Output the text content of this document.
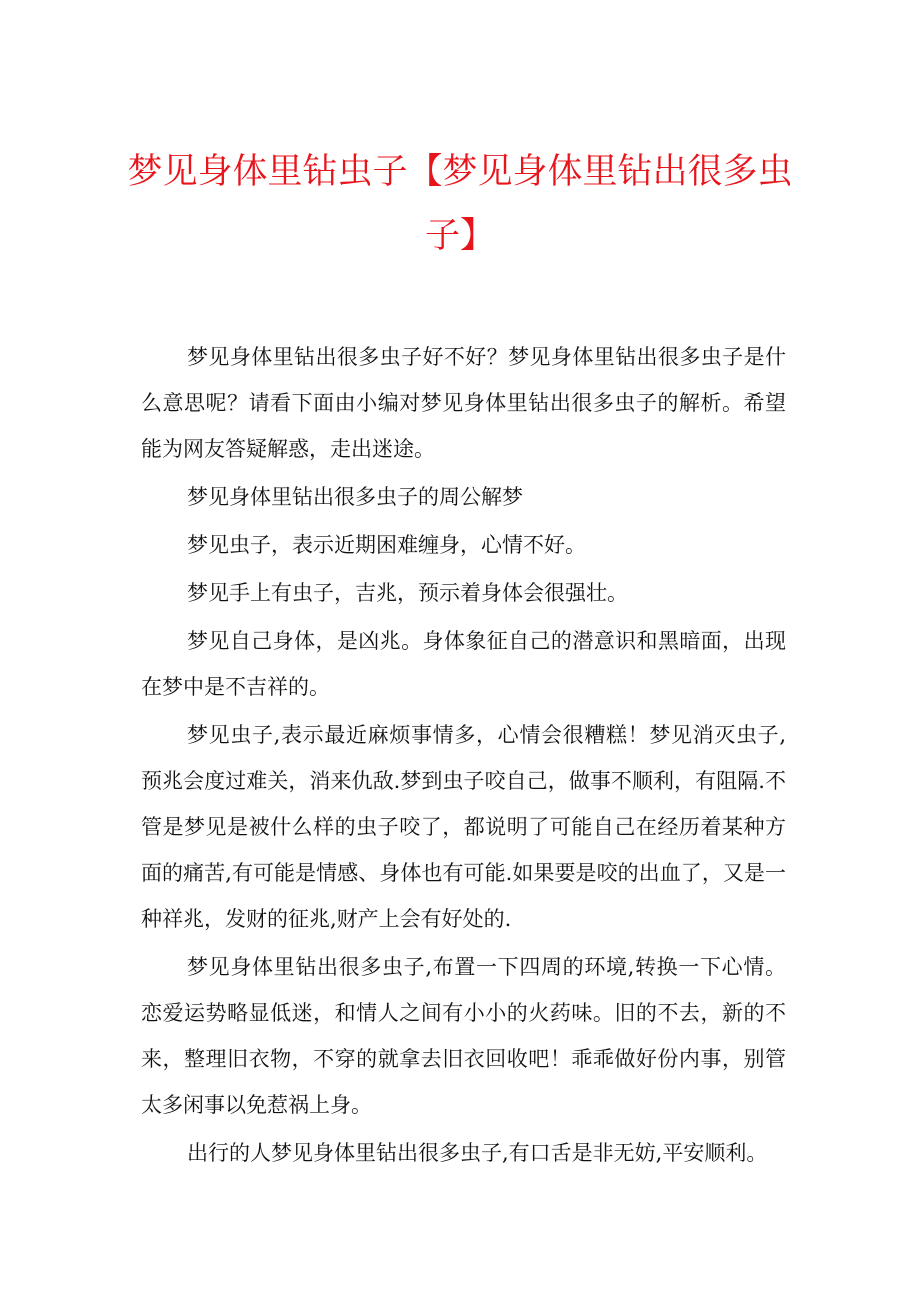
梦见身体里钻虫子【梦见身体里钻出很多虫子】

梦见身体里钻出很多虫子好不好？梦见身体里钻出很多虫子是什么意思呢？请看下面由小编对梦见身体里钻出很多虫子的解析。希望能为网友答疑解惑，走出迷途。

梦见身体里钻出很多虫子的周公解梦

梦见虫子，表示近期困难缠身，心情不好。

梦见手上有虫子，吉兆，预示着身体会很强壮。

梦见自己身体，是凶兆。身体象征自己的潜意识和黑暗面，出现在梦中是不吉祥的。

梦见虫子,表示最近麻烦事情多，心情会很糟糕！梦见消灭虫子,预兆会度过难关，消来仇敌.梦到虫子咬自己，做事不顺利，有阻隔.不管是梦见是被什么样的虫子咬了，都说明了可能自己在经历着某种方面的痛苦,有可能是情感、身体也有可能.如果要是咬的出血了，又是一种祥兆，发财的征兆,财产上会有好处的.

梦见身体里钻出很多虫子,布置一下四周的环境,转换一下心情。恋爱运势略显低迷，和情人之间有小小的火药味。旧的不去，新的不来，整理旧衣物，不穿的就拿去旧衣回收吧！乖乖做好份内事，别管太多闲事以免惹祸上身。

出行的人梦见身体里钻出很多虫子,有口舌是非无妨,平安顺利。
